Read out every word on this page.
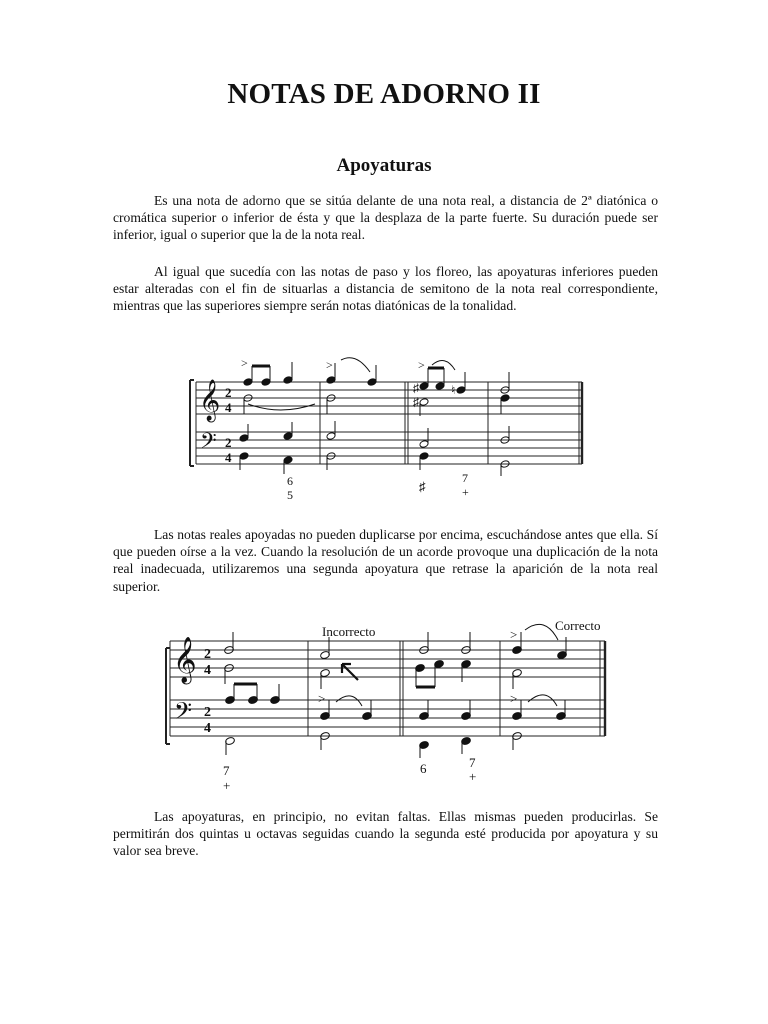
NOTAS DE ADORNO II
Apoyaturas

Es una nota de adorno que se sitúa delante de una nota real, a distancia de 2ª diatónica o cromática superior o inferior de ésta y que la desplaza de la parte fuerte. Su duración puede ser inferior, igual o superior que la de la nota real.

Al igual que sucedía con las notas de paso y los floreo, las apoyaturas inferiores pueden estar alteradas con el fin de situarlas a distancia de semitono de la nota real correspondiente, mientras que las superiores siempre serán notas diatónicas de la tonalidad.

𝄞
𝄢
2
4
2
4
>	>	>
♯
♯
♮
6
5
♯
7
+

Las notas reales apoyadas no pueden duplicarse por encima, escuchándose antes que ella. Sí que pueden oírse a la vez. Cuando la resolución de un acorde provoque una duplicación de la nota real inadecuada, utilizaremos una segunda apoyatura que retrase la aparición de la nota real superior.

𝄞
𝄢
2
4
2
4
Incorrecto	Correcto
>
>	>
7
+
6	7
+

Las apoyaturas, en principio, no evitan faltas. Ellas mismas pueden producirlas. Se permitirán dos quintas u octavas seguidas cuando la segunda esté producida por apoyatura y su valor sea breve.
